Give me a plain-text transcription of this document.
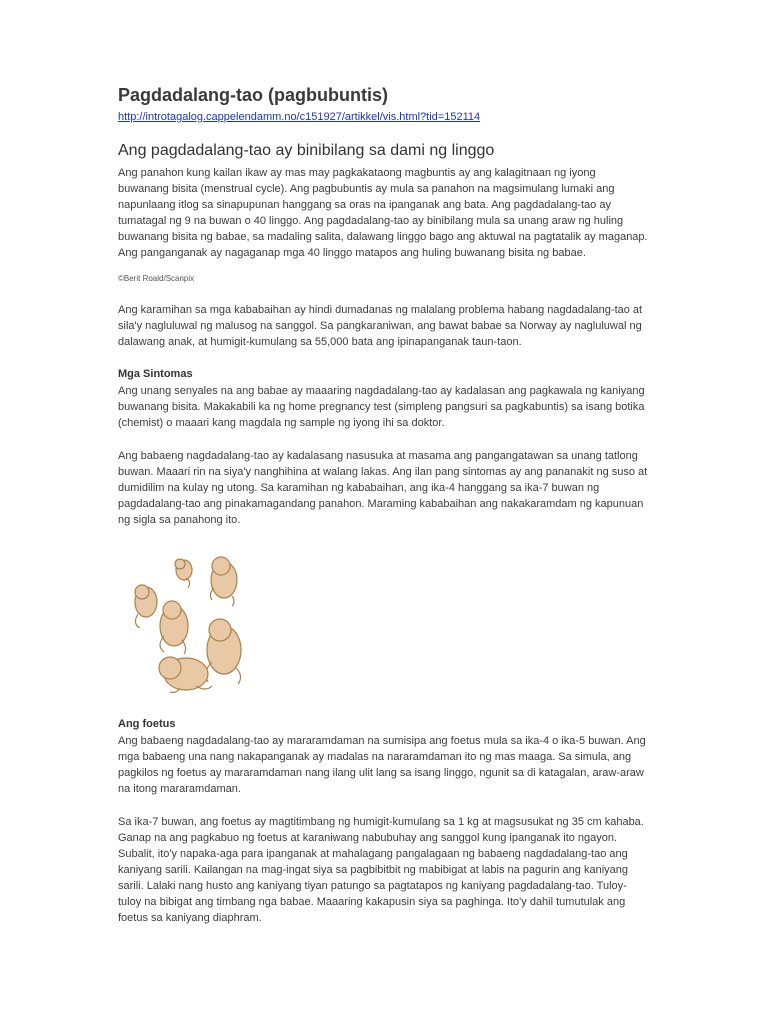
Pagdadalang-tao (pagbubuntis)
http://introtagalog.cappelendamm.no/c151927/artikkel/vis.html?tid=152114
Ang pagdadalang-tao ay binibilang sa dami ng linggo

Ang panahon kung kailan ikaw ay mas may pagkakataong magbuntis ay ang kalagitnaan ng iyong buwanang bisita (menstrual cycle). Ang pagbubuntis ay mula sa panahon na magsimulang lumaki ang napunlaang itlog sa sinapupunan hanggang sa oras na ipanganak ang bata. Ang pagdadalang-tao ay tumatagal ng 9 na buwan o 40 linggo. Ang pagdadalang-tao ay binibilang mula sa unang araw ng huling buwanang bisita ng babae, sa madaling salita, dalawang linggo bago ang aktuwal na pagtatalik ay maganap. Ang panganganak ay nagaganap mga 40 linggo matapos ang huling buwanang bisita ng babae.

©Berit Roald/Scanpix

Ang karamihan sa mga kababaihan ay hindi dumadanas ng malalang problema habang nagdadalang-tao at sila'y nagluluwal ng malusog na sanggol. Sa pangkaraniwan, ang bawat babae sa Norway ay nagluluwal ng dalawang anak, at humigit-kumulang sa 55,000 bata ang ipinapanganak taun-taon.

Mga Sintomas

Ang unang senyales na ang babae ay maaaring nagdadalang-tao ay kadalasan ang pagkawala ng kaniyang buwanang bisita. Makakabili ka ng home pregnancy test (simpleng pangsuri sa pagkabuntis) sa isang botika (chemist) o maaari kang magdala ng sample ng iyong ihi sa doktor.

Ang babaeng nagdadalang-tao ay kadalasang nasusuka at masama ang pangangatawan sa unang tatlong buwan. Maaari rin na siya'y nanghihina at walang lakas. Ang ilan pang sintomas ay ang pananakit ng suso at dumidilim na kulay ng utong. Sa karamihan ng kababaihan, ang ika-4 hanggang sa ika-7 buwan ng pagdadalang-tao ang pinakamagandang panahon. Maraming kababaihan ang nakakaramdam ng kapunuan ng sigla sa panahong ito.

Ang foetus

Ang babaeng nagdadalang-tao ay mararamdaman na sumisipa ang foetus mula sa ika-4 o ika-5 buwan. Ang mga babaeng una nang nakapanganak ay madalas na nararamdaman ito ng mas maaga. Sa simula, ang pagkilos ng foetus ay mararamdaman nang ilang ulit lang sa isang linggo, ngunit sa di katagalan, araw-araw na itong mararamdaman.

Sa ika-7 buwan, ang foetus ay magtitimbang ng humigit-kumulang sa 1 kg at magsusukat ng 35 cm kahaba. Ganap na ang pagkabuo ng foetus at karaniwang nabubuhay ang sanggol kung ipanganak ito ngayon. Subalit, ito'y napaka-aga para ipanganak at mahalagang pangalagaan ng babaeng nagdadalang-tao ang kaniyang sarili. Kailangan na mag-ingat siya sa pagbibitbit ng mabibigat at labis na pagurin ang kaniyang sarili. Lalaki nang husto ang kaniyang tiyan patungo sa pagtatapos ng kaniyang pagdadalang-tao. Tuloy-tuloy na bibigat ang timbang nga babae. Maaaring kakapusin siya sa paghinga. Ito'y dahil tumutulak ang foetus sa kaniyang diaphram.
